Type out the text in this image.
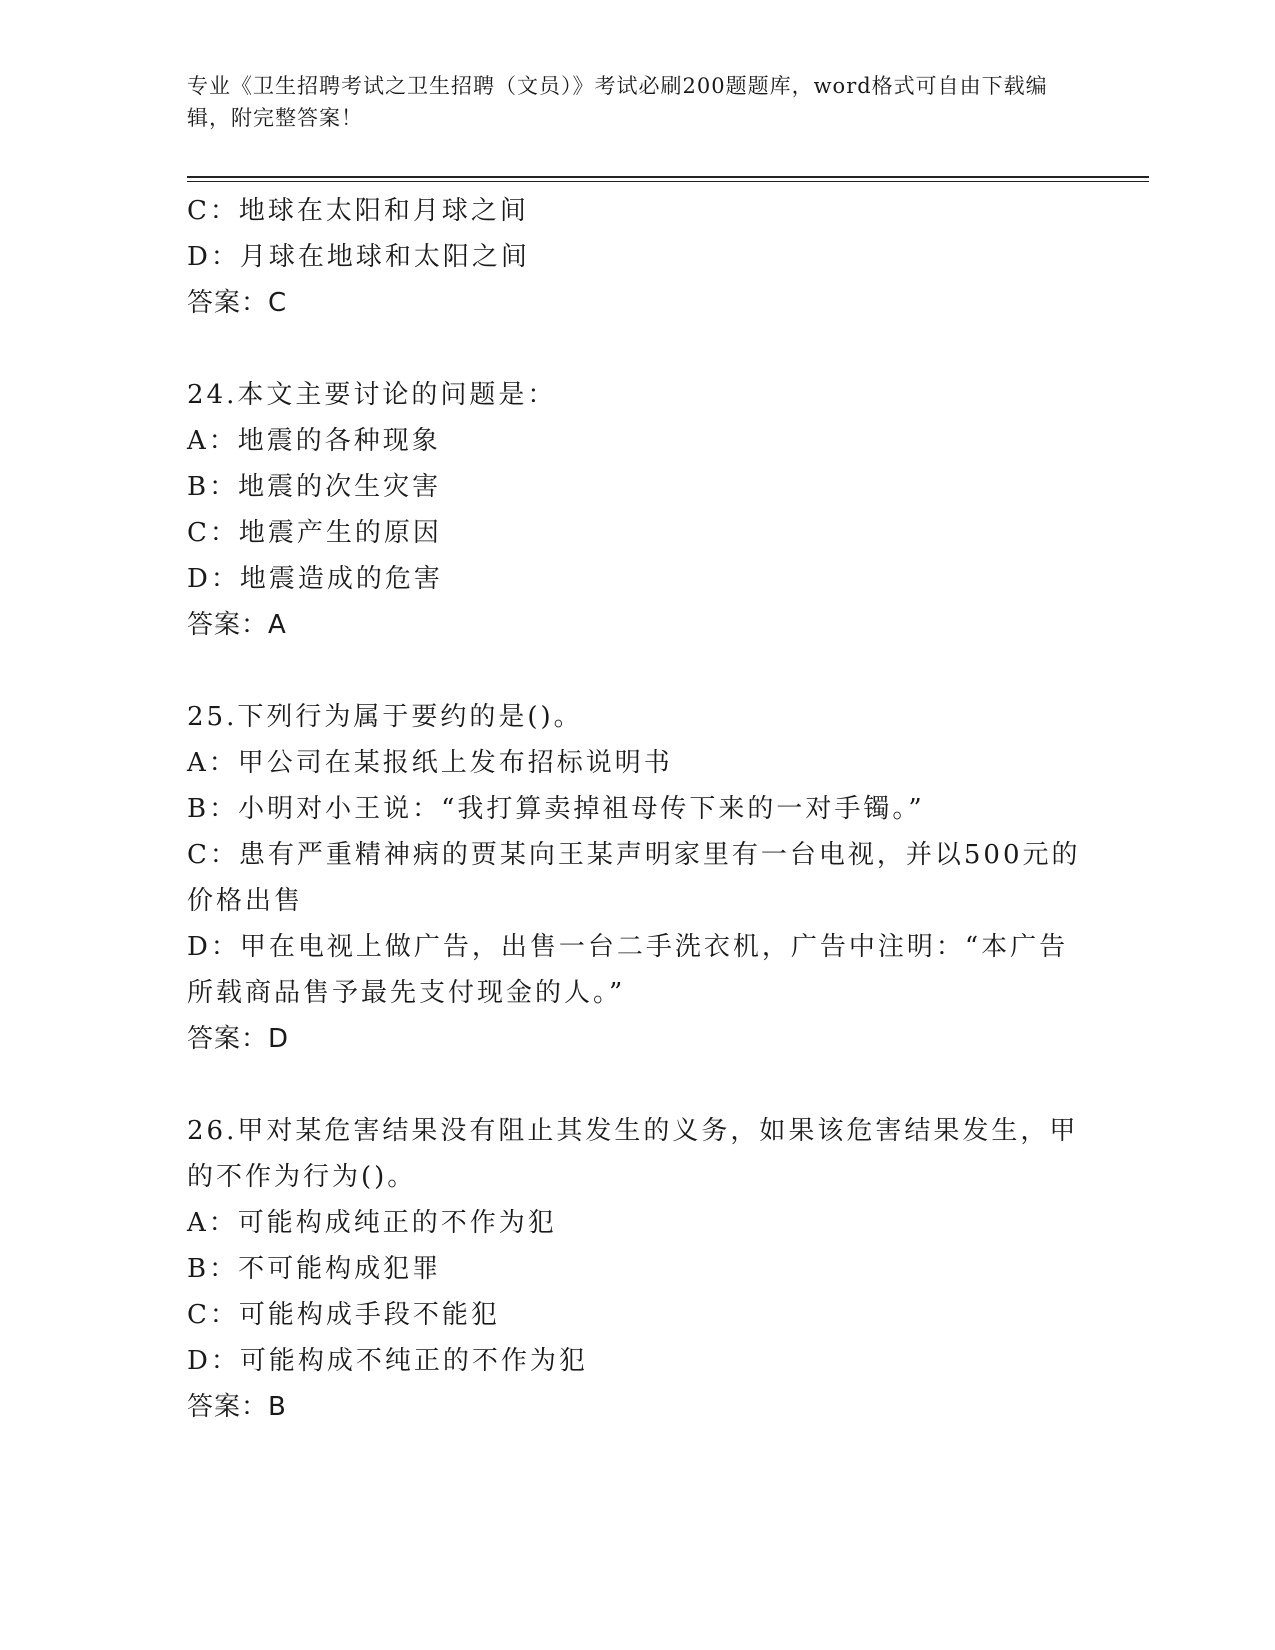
专业《卫生招聘考试之卫生招聘（文员）》考试必刷200题题库，word格式可自由下载编辑，附完整答案！
C：地球在太阳和月球之间
D：月球在地球和太阳之间
答案：C
24.本文主要讨论的问题是：
A：地震的各种现象
B：地震的次生灾害
C：地震产生的原因
D：地震造成的危害
答案：A
25.下列行为属于要约的是()。
A：甲公司在某报纸上发布招标说明书
B：小明对小王说：“我打算卖掉祖母传下来的一对手镯。”
C：患有严重精神病的贾某向王某声明家里有一台电视，并以500元的价格出售
D：甲在电视上做广告，出售一台二手洗衣机，广告中注明：“本广告所载商品售予最先支付现金的人。”
答案：D
26.甲对某危害结果没有阻止其发生的义务，如果该危害结果发生，甲的不作为行为()。
A：可能构成纯正的不作为犯
B：不可能构成犯罪
C：可能构成手段不能犯
D：可能构成不纯正的不作为犯
答案：B
